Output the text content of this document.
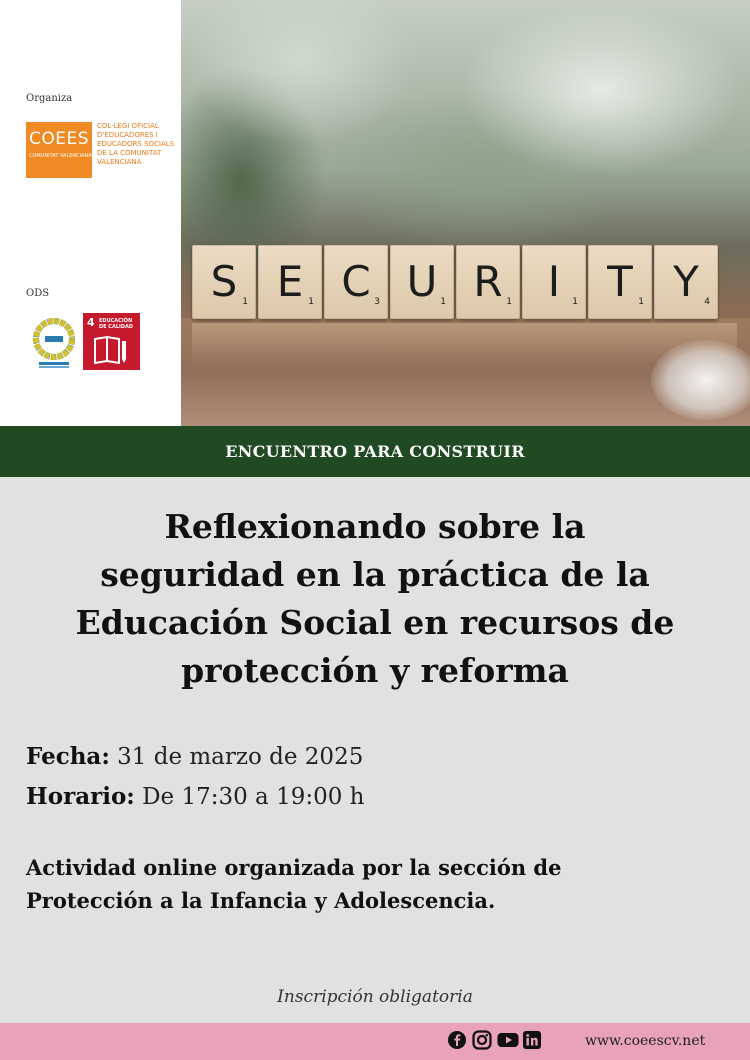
Organiza
COEES
COMUNITAT VALENCIANA
COL·LEGI OFICIAL D'EDUCADORES I EDUCADORS SOCIALS DE LA COMUNITAT VALENCIANA
ODS
4 EDUCACIÓN DE CALIDAD
S 1 E 1 C 3 U 1 R 1 I	1 T 1 Y 4
ENCUENTRO PARA CONSTRUIR
Reflexionando sobre la
seguridad en la práctica de la
Educación Social en recursos de
protección y reforma
Fecha: 31 de marzo de 2025
Horario: De 17:30 a 19:00 h
Actividad online organizada por la sección de
Protección a la Infancia y Adolescencia.
Inscripción obligatoria
www.coeescv.net
